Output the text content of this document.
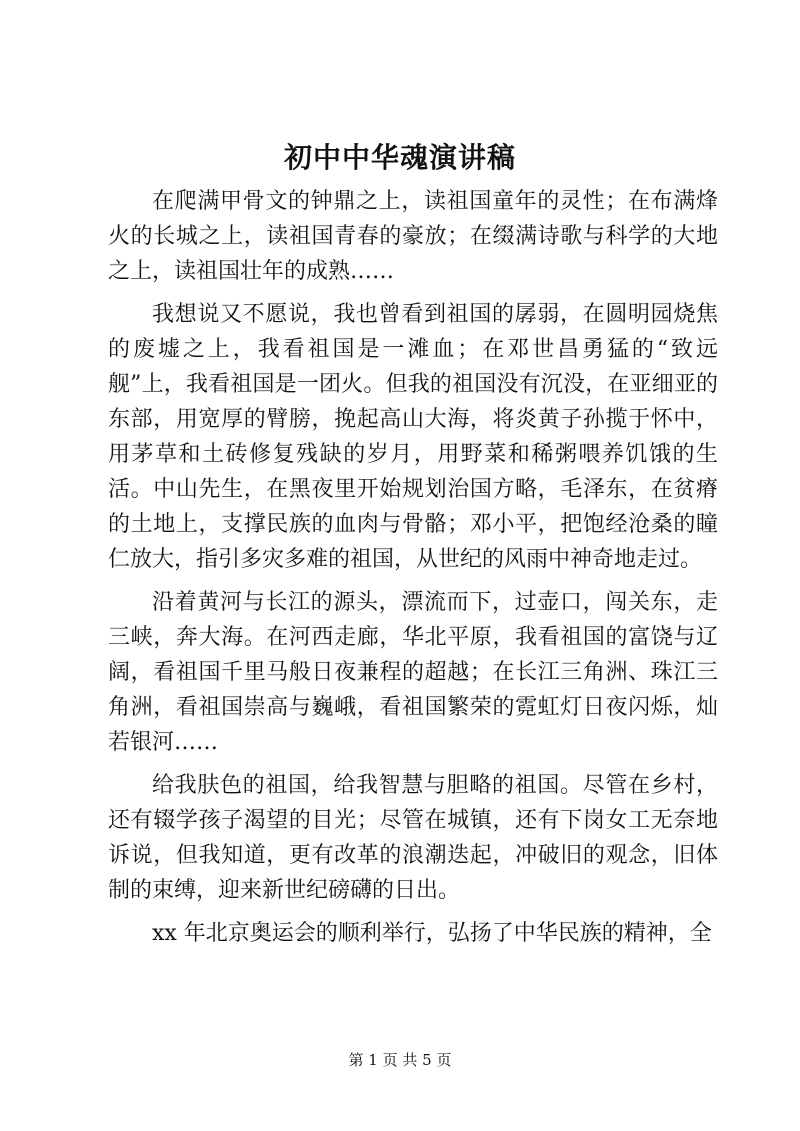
初中中华魂演讲稿

在爬满甲骨文的钟鼎之上，读祖国童年的灵性；在布满烽火的长城之上，读祖国青春的豪放；在缀满诗歌与科学的大地之上，读祖国壮年的成熟……

我想说又不愿说，我也曾看到祖国的孱弱，在圆明园烧焦的废墟之上，我看祖国是一滩血；在邓世昌勇猛的“致远舰”上，我看祖国是一团火。但我的祖国没有沉没，在亚细亚的东部，用宽厚的臂膀，挽起高山大海，将炎黄子孙揽于怀中，用茅草和土砖修复残缺的岁月，用野菜和稀粥喂养饥饿的生活。中山先生，在黑夜里开始规划治国方略，毛泽东，在贫瘠的土地上，支撑民族的血肉与骨骼；邓小平，把饱经沧桑的瞳仁放大，指引多灾多难的祖国，从世纪的风雨中神奇地走过。

沿着黄河与长江的源头，漂流而下，过壶口，闯关东，走三峡，奔大海。在河西走廊，华北平原，我看祖国的富饶与辽阔，看祖国千里马般日夜兼程的超越；在长江三角洲、珠江三角洲，看祖国崇高与巍峨，看祖国繁荣的霓虹灯日夜闪烁，灿若银河……

给我肤色的祖国，给我智慧与胆略的祖国。尽管在乡村，还有辍学孩子渴望的目光；尽管在城镇，还有下岗女工无奈地诉说，但我知道，更有改革的浪潮迭起，冲破旧的观念，旧体制的束缚，迎来新世纪磅礴的日出。

xx 年北京奥运会的顺利举行，弘扬了中华民族的精神，全

第 1 页 共 5 页
